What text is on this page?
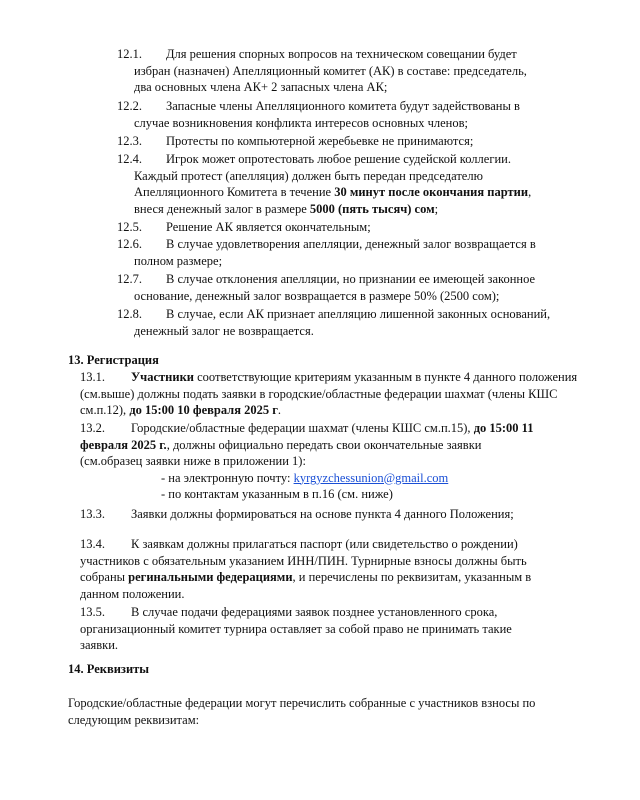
12.1. Для решения спорных вопросов на техническом совещании будет
избран (назначен) Апелляционный комитет (АК) в составе: председатель,
два основных члена АК+ 2 запасных члена АК;
12.2. Запасные члены Апелляционного комитета будут задействованы в
случае возникновения конфликта интересов основных членов;
12.3. Протесты по компьютерной жеребьевке не принимаются;
12.4. Игрок может опротестовать любое решение судейской коллегии.
Каждый протест (апелляция) должен быть передан председателю
Апелляционного Комитета в течение 30 минут после окончания партии,
внеся денежный залог в размере 5000 (пять тысяч) сом;
12.5. Решение АК является окончательным;
12.6. В случае удовлетворения апелляции, денежный залог возвращается в
полном размере;
12.7. В случае отклонения апелляции, но признании ее имеющей законное
основание, денежный залог возвращается в размере 50% (2500 сом);
12.8. В случае, если АК признает апелляцию лишенной законных оснований,
денежный залог не возвращается.
13. Регистрация
13.1. Участники соответствующие критериям указанным в пункте 4 данного положения
(см.выше) должны подать заявки в городские/областные федерации шахмат (члены КШС
см.п.12), до 15:00 10 февраля 2025 г.
13.2. Городские/областные федерации шахмат (члены КШС см.п.15), до 15:00 11
февраля 2025 г., должны официально передать свои окончательные заявки
(см.образец заявки ниже в приложении 1):
- на электронную почту: kyrgyzchessunion@gmail.com
- по контактам указанным в п.16 (см. ниже)
13.3. Заявки должны формироваться на основе пункта 4 данного Положения;
13.4. К заявкам должны прилагаться паспорт (или свидетельство о рождении)
участников с обязательным указанием ИНН/ПИН. Турнирные взносы должны быть
собраны регинальными федерациями, и перечислены по реквизитам, указанным в
данном положении.
13.5. В случае подачи федерациями заявок позднее установленного срока,
организационный комитет турнира оставляет за собой право не принимать такие
заявки.
14. Реквизиты
Городские/областные федерации могут перечислить собранные с участников взносы по
следующим реквизитам:
